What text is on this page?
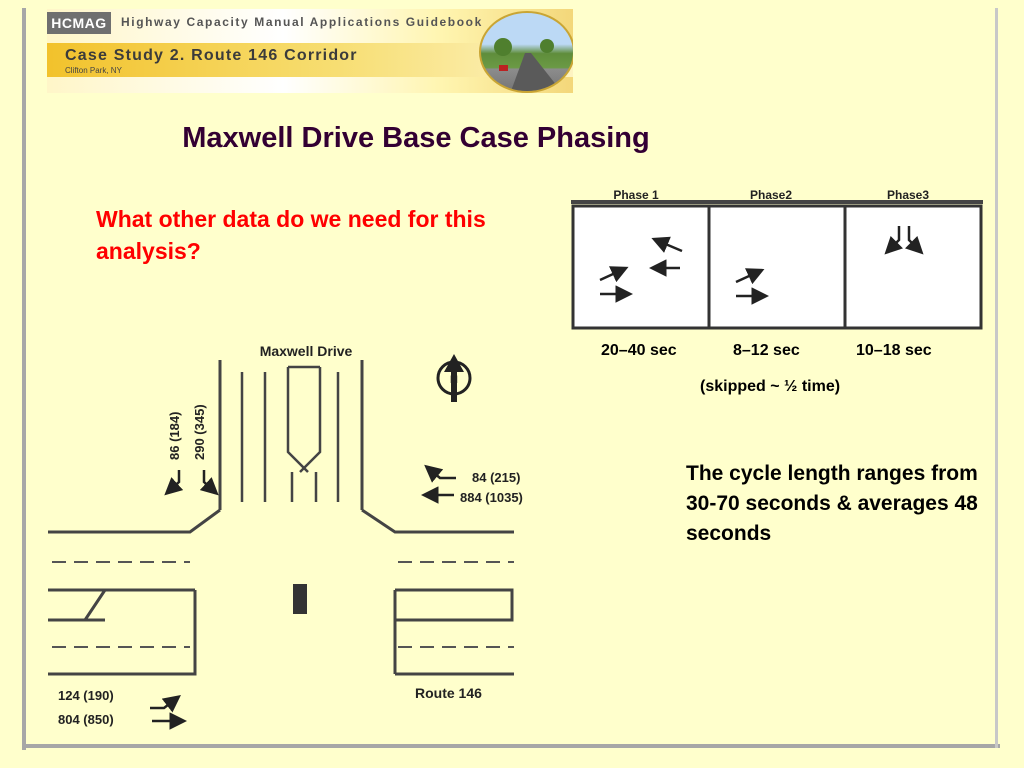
HCMAG	Highway Capacity Manual Applications Guidebook
Case Study 2. Route 146 Corridor
Clifton Park, NY
Maxwell Drive Base Case Phasing
What other data do we need for this analysis?
Phase 1	Phase2	Phase3
20–40 sec	8–12 sec	10–18 sec
(skipped ~ ½ time)
Maxwell Drive
Route 146
86 (184) 290 (345)
N
84 (215)
884 (1035)
124 (190)
804 (850)
The cycle length ranges from 30-70 seconds & averages 48 seconds
